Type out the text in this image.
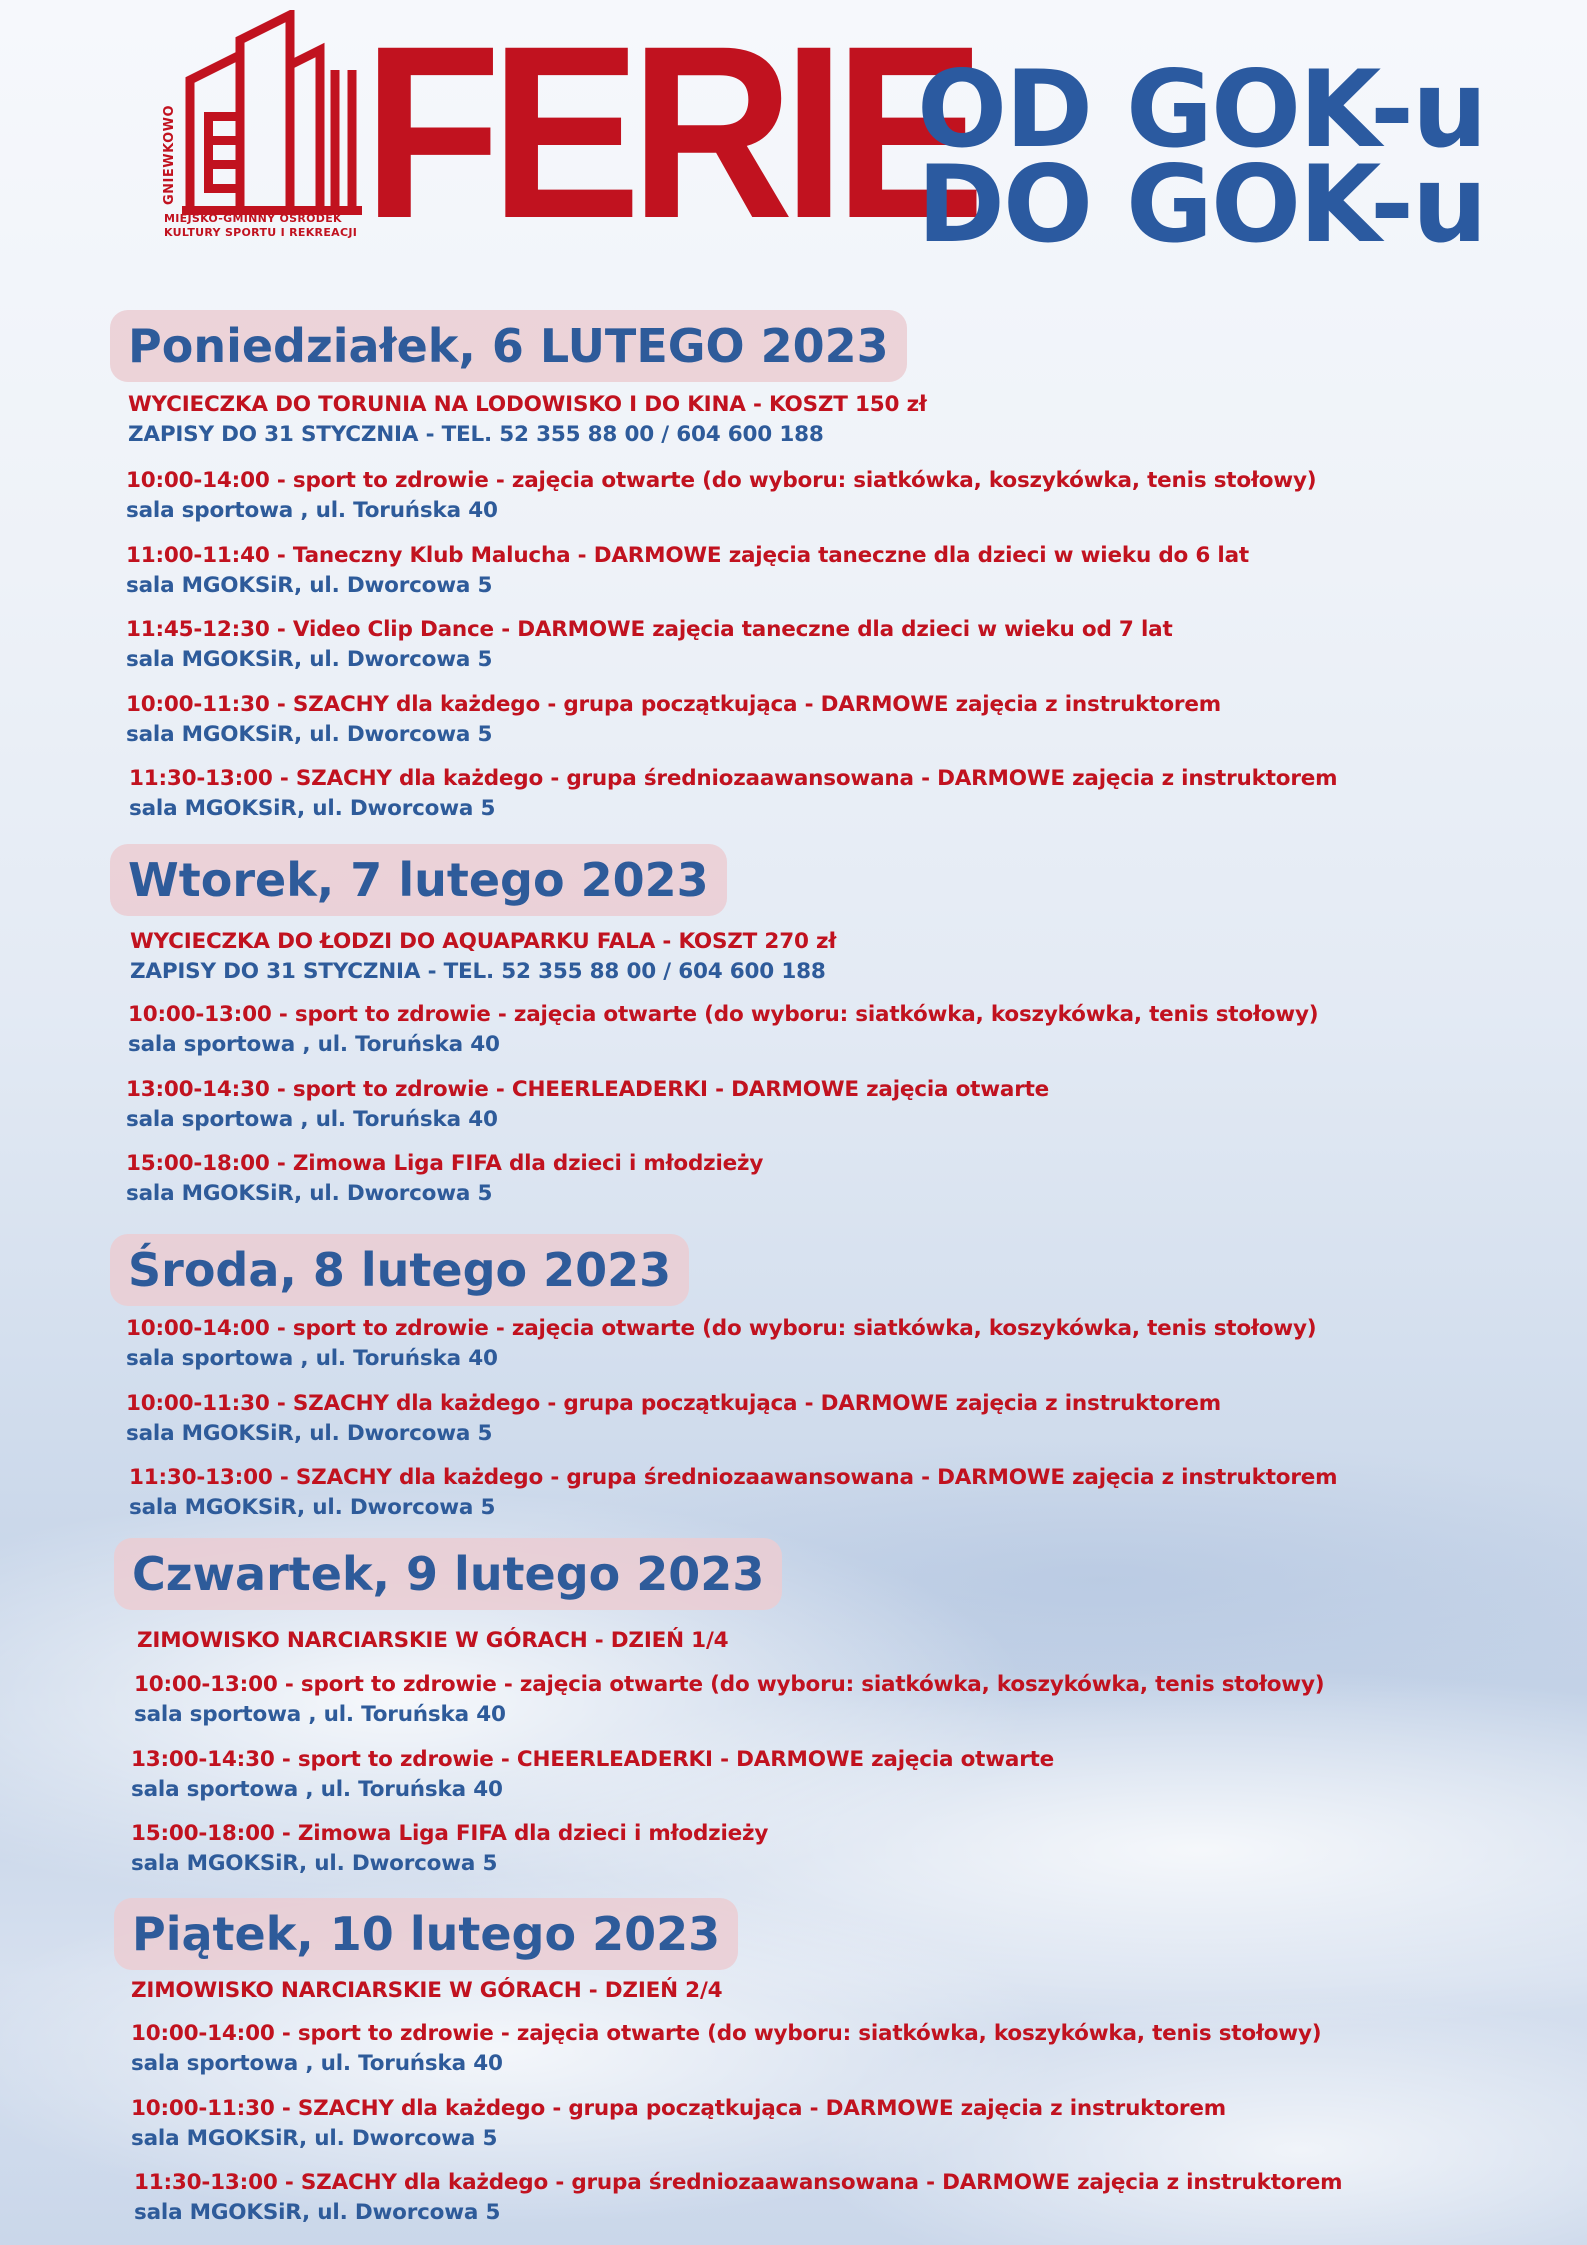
GNIEWKOWO
MIEJSKO-GMINNY OŚRODEK
KULTURY SPORTU I REKREACJI FERIE
OD GOK-u
DO GOK-u
Poniedziałek, 6 LUTEGO 2023
WYCIECZKA DO TORUNIA NA LODOWISKO I DO KINA - KOSZT 150 zł
ZAPISY DO 31 STYCZNIA - TEL. 52 355 88 00 / 604 600 188
10:00-14:00 - sport to zdrowie - zajęcia otwarte (do wyboru: siatkówka, koszykówka, tenis stołowy)
sala sportowa , ul. Toruńska 40
11:00-11:40 - Taneczny Klub Malucha - DARMOWE zajęcia taneczne dla dzieci w wieku do 6 lat
sala MGOKSiR, ul. Dworcowa 5
11:45-12:30 - Video Clip Dance - DARMOWE zajęcia taneczne dla dzieci w wieku od 7 lat
sala MGOKSiR, ul. Dworcowa 5
10:00-11:30 - SZACHY dla każdego - grupa początkująca - DARMOWE zajęcia z instruktorem
sala MGOKSiR, ul. Dworcowa 5
11:30-13:00 - SZACHY dla każdego - grupa średniozaawansowana - DARMOWE zajęcia z instruktorem
sala MGOKSiR, ul. Dworcowa 5
Wtorek, 7 lutego 2023
WYCIECZKA DO ŁODZI DO AQUAPARKU FALA - KOSZT 270 zł
ZAPISY DO 31 STYCZNIA - TEL. 52 355 88 00 / 604 600 188
10:00-13:00 - sport to zdrowie - zajęcia otwarte (do wyboru: siatkówka, koszykówka, tenis stołowy)
sala sportowa , ul. Toruńska 40
13:00-14:30 - sport to zdrowie - CHEERLEADERKI - DARMOWE zajęcia otwarte
sala sportowa , ul. Toruńska 40
15:00-18:00 - Zimowa Liga FIFA dla dzieci i młodzieży
sala MGOKSiR, ul. Dworcowa 5
Środa, 8 lutego 2023
10:00-14:00 - sport to zdrowie - zajęcia otwarte (do wyboru: siatkówka, koszykówka, tenis stołowy)
sala sportowa , ul. Toruńska 40
10:00-11:30 - SZACHY dla każdego - grupa początkująca - DARMOWE zajęcia z instruktorem
sala MGOKSiR, ul. Dworcowa 5
11:30-13:00 - SZACHY dla każdego - grupa średniozaawansowana - DARMOWE zajęcia z instruktorem
sala MGOKSiR, ul. Dworcowa 5
Czwartek, 9 lutego 2023
ZIMOWISKO NARCIARSKIE W GÓRACH - DZIEŃ 1/4
10:00-13:00 - sport to zdrowie - zajęcia otwarte (do wyboru: siatkówka, koszykówka, tenis stołowy)
sala sportowa , ul. Toruńska 40
13:00-14:30 - sport to zdrowie - CHEERLEADERKI - DARMOWE zajęcia otwarte
sala sportowa , ul. Toruńska 40
15:00-18:00 - Zimowa Liga FIFA dla dzieci i młodzieży
sala MGOKSiR, ul. Dworcowa 5
Piątek, 10 lutego 2023
ZIMOWISKO NARCIARSKIE W GÓRACH - DZIEŃ 2/4
10:00-14:00 - sport to zdrowie - zajęcia otwarte (do wyboru: siatkówka, koszykówka, tenis stołowy)
sala sportowa , ul. Toruńska 40
10:00-11:30 - SZACHY dla każdego - grupa początkująca - DARMOWE zajęcia z instruktorem
sala MGOKSiR, ul. Dworcowa 5
11:30-13:00 - SZACHY dla każdego - grupa średniozaawansowana - DARMOWE zajęcia z instruktorem
sala MGOKSiR, ul. Dworcowa 5
